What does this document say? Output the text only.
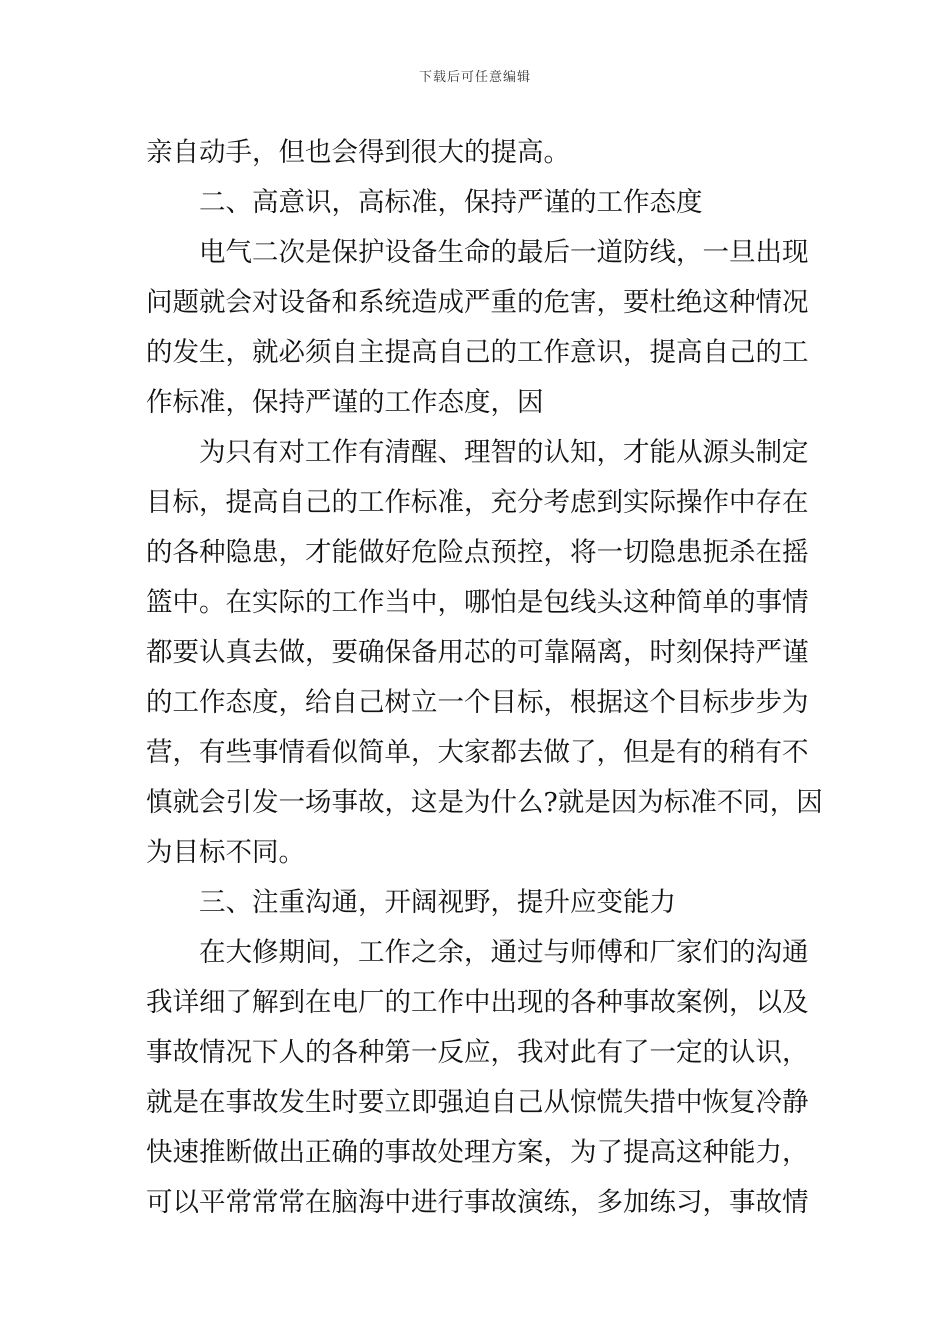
下载后可任意编辑
亲自动手，但也会得到很大的提高。
二、高意识，高标准，保持严谨的工作态度
电 气 二 次 是 保 护 设 备 生 命 的 最 后 一 道 防 线 ， 一 旦 出 现
问 题 就 会 对 设 备 和 系 统 造 成 严 重 的 危 害 ， 要 杜 绝 这 种 情 况
的 发 生 ， 就 必 须 自 主 提 高 自 己 的 工 作 意 识 ， 提 高 自 己 的 工
作标准，保持严谨的工作态度，因
为 只 有 对 工 作 有 清 醒 、 理 智 的 认 知 ， 才 能 从 源 头 制 定
目 标 ， 提 高 自 己 的 工 作 标 准 ， 充 分 考 虑 到 实 际 操 作 中 存 在
的 各 种 隐 患 ， 才 能 做 好 危 险 点 预 控 ， 将 一 切 隐 患 扼 杀 在 摇
篮 中 。 在 实 际 的 工 作 当 中 ， 哪 怕 是 包 线 头 这 种 简 单 的 事 情
都 要 认 真 去 做 ， 要 确 保 备 用 芯 的 可 靠 隔 离 ， 时 刻 保 持 严 谨
的 工 作 态 度 ， 给 自 己 树 立 一 个 目 标 ， 根 据 这 个 目 标 步 步 为
营 ， 有 些 事 情 看 似 简 单 ， 大 家 都 去 做 了 ， 但 是 有 的 稍 有 不
慎 就 会 引 发 一 场 事 故 ， 这 是 为 什 么 ? 就 是 因 为 标 准 不 同 ， 因
为目标不同。
三、注重沟通，开阔视野，提升应变能力
在 大 修 期 间 ， 工 作 之 余 ， 通 过 与 师 傅 和 厂 家 们 的 沟 通
我 详 细 了 解 到 在 电 厂 的 工 作 中 出 现 的 各 种 事 故 案 例 ， 以 及
事 故 情 况 下 人 的 各 种 第 一 反 应 ， 我 对 此 有 了 一 定 的 认 识 ，
就 是 在 事 故 发 生 时 要 立 即 强 迫 自 己 从 惊 慌 失 措 中 恢 复 冷 静
快 速 推 断 做 出 正 确 的 事 故 处 理 方 案 ， 为 了 提 高 这 种 能 力 ，
可 以 平 常 常 常 在 脑 海 中 进 行 事 故 演 练 ， 多 加 练 习 ， 事 故 情
